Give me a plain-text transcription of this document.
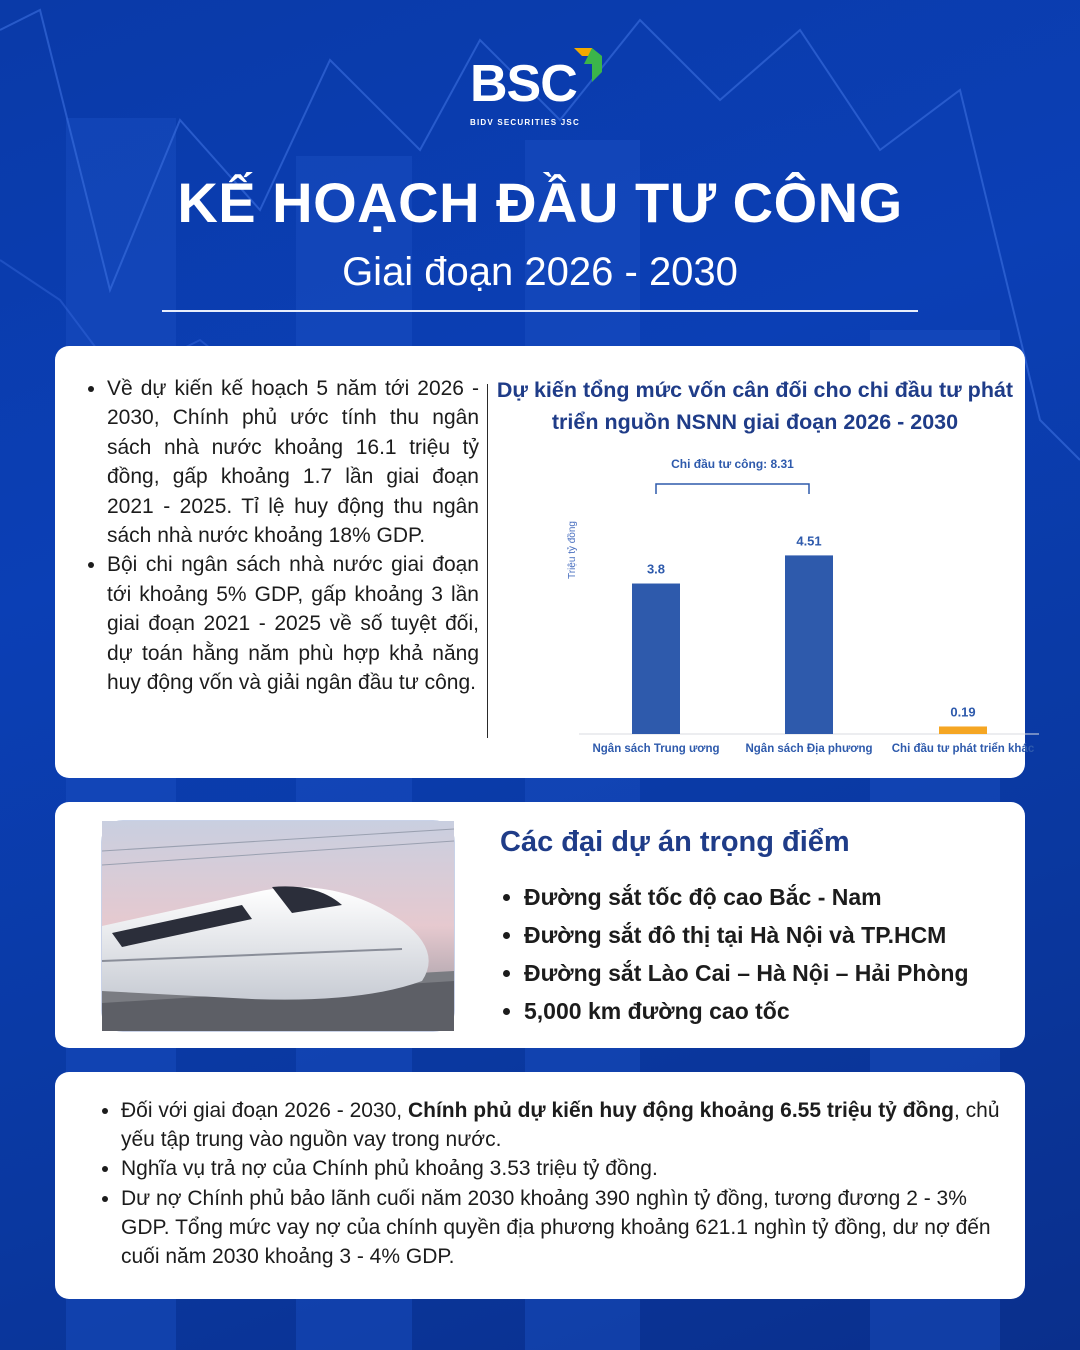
BSC
BIDV SECURITIES JSC
KẾ HOẠCH ĐẦU TƯ CÔNG
Giai đoạn 2026 - 2030
• Về dự kiến kế hoạch 5 năm tới 2026 - 2030, Chính phủ ước tính thu ngân sách nhà nước khoảng 16.1 triệu tỷ đồng, gấp khoảng 1.7 lần giai đoạn 2021 - 2025. Tỉ lệ huy động thu ngân sách nhà nước khoảng 18% GDP.
• Bội chi ngân sách nhà nước giai đoạn tới khoảng 5% GDP, gấp khoảng 3 lần giai đoạn 2021 - 2025 về số tuyệt đối, dự toán hằng năm phù hợp khả năng huy động vốn và giải ngân đầu tư công.
Dự kiến tổng mức vốn cân đối cho chi đầu tư phát triển nguồn NSNN giai đoạn 2026 - 2030
Triệu tỷ đồng	3.8
Ngân sách Trung ương
4.51
Ngân sách Địa phương
0.19
Chi đầu tư phát triển khác
Chi đầu tư công: 8.31
Các đại dự án trọng điểm
• Đường sắt tốc độ cao Bắc - Nam
• Đường sắt đô thị tại Hà Nội và TP.HCM
• Đường sắt Lào Cai – Hà Nội – Hải Phòng
• 5,000 km đường cao tốc
• Đối với giai đoạn 2026 - 2030, Chính phủ dự kiến huy động khoảng 6.55 triệu tỷ đồng, chủ yếu tập trung vào nguồn vay trong nước.
• Nghĩa vụ trả nợ của Chính phủ khoảng 3.53 triệu tỷ đồng.
• Dư nợ Chính phủ bảo lãnh cuối năm 2030 khoảng 390 nghìn tỷ đồng, tương đương 2 - 3% GDP. Tổng mức vay nợ của chính quyền địa phương khoảng 621.1 nghìn tỷ đồng, dư nợ đến cuối năm 2030 khoảng 3 - 4% GDP.
